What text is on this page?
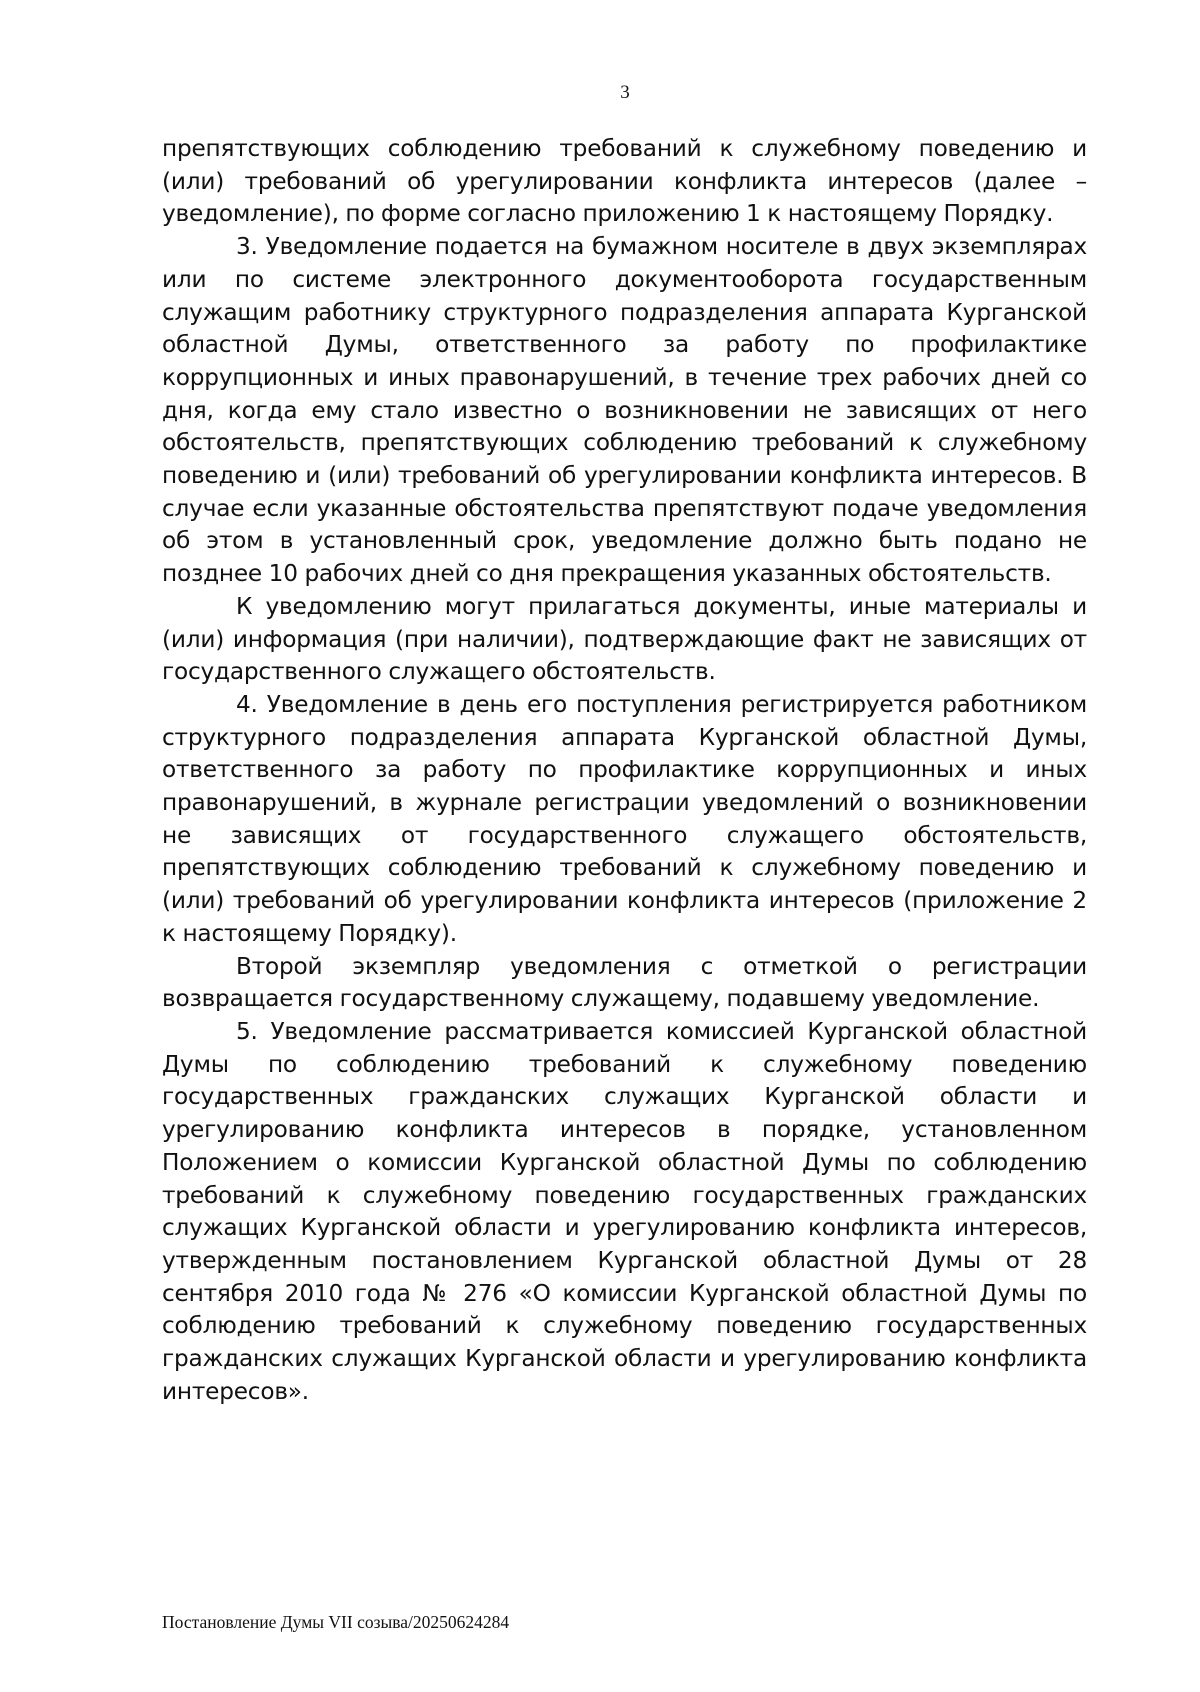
3

препятствующих соблюдению требований к служебному поведению и (или) требований об урегулировании конфликта интересов (далее – уведомление), по форме согласно приложению 1 к настоящему Порядку.

3. Уведомление подается на бумажном носителе в двух экземплярах или по системе электронного документооборота государственным служащим работнику структурного подразделения аппарата Курганской областной Думы, ответственного за работу по профилактике коррупционных и иных правонарушений, в течение трех рабочих дней со дня, когда ему стало известно о возникновении не зависящих от него обстоятельств, препятствующих соблюдению требований к служебному поведению и (или) требований об урегулировании конфликта интересов. В случае если указанные обстоятельства препятствуют подаче уведомления об этом в установленный срок, уведомление должно быть подано не позднее 10 рабочих дней со дня прекращения указанных обстоятельств.

К уведомлению могут прилагаться документы, иные материалы и (или) информация (при наличии), подтверждающие факт не зависящих от государственного служащего обстоятельств.

4. Уведомление в день его поступления регистрируется работником структурного подразделения аппарата Курганской областной Думы, ответственного за работу по профилактике коррупционных и иных правонарушений, в журнале регистрации уведомлений о возникновении не зависящих от государственного служащего обстоятельств, препятствующих соблюдению требований к служебному поведению и (или) требований об урегулировании конфликта интересов (приложение 2 к настоящему Порядку).

Второй экземпляр уведомления с отметкой о регистрации возвращается государственному служащему, подавшему уведомление.

5. Уведомление рассматривается комиссией Курганской областной Думы по соблюдению требований к служебному поведению государственных гражданских служащих Курганской области и урегулированию конфликта интересов в порядке, установленном Положением о комиссии Курганской областной Думы по соблюдению требований к служебному поведению государственных гражданских служащих Курганской области и урегулированию конфликта интересов, утвержденным постановлением Курганской областной Думы от 28 сентября 2010 года № 276 «О комиссии Курганской областной Думы по соблюдению требований к служебному поведению государственных гражданских служащих Курганской области и урегулированию конфликта интересов».

Постановление Думы VII созыва/20250624284
